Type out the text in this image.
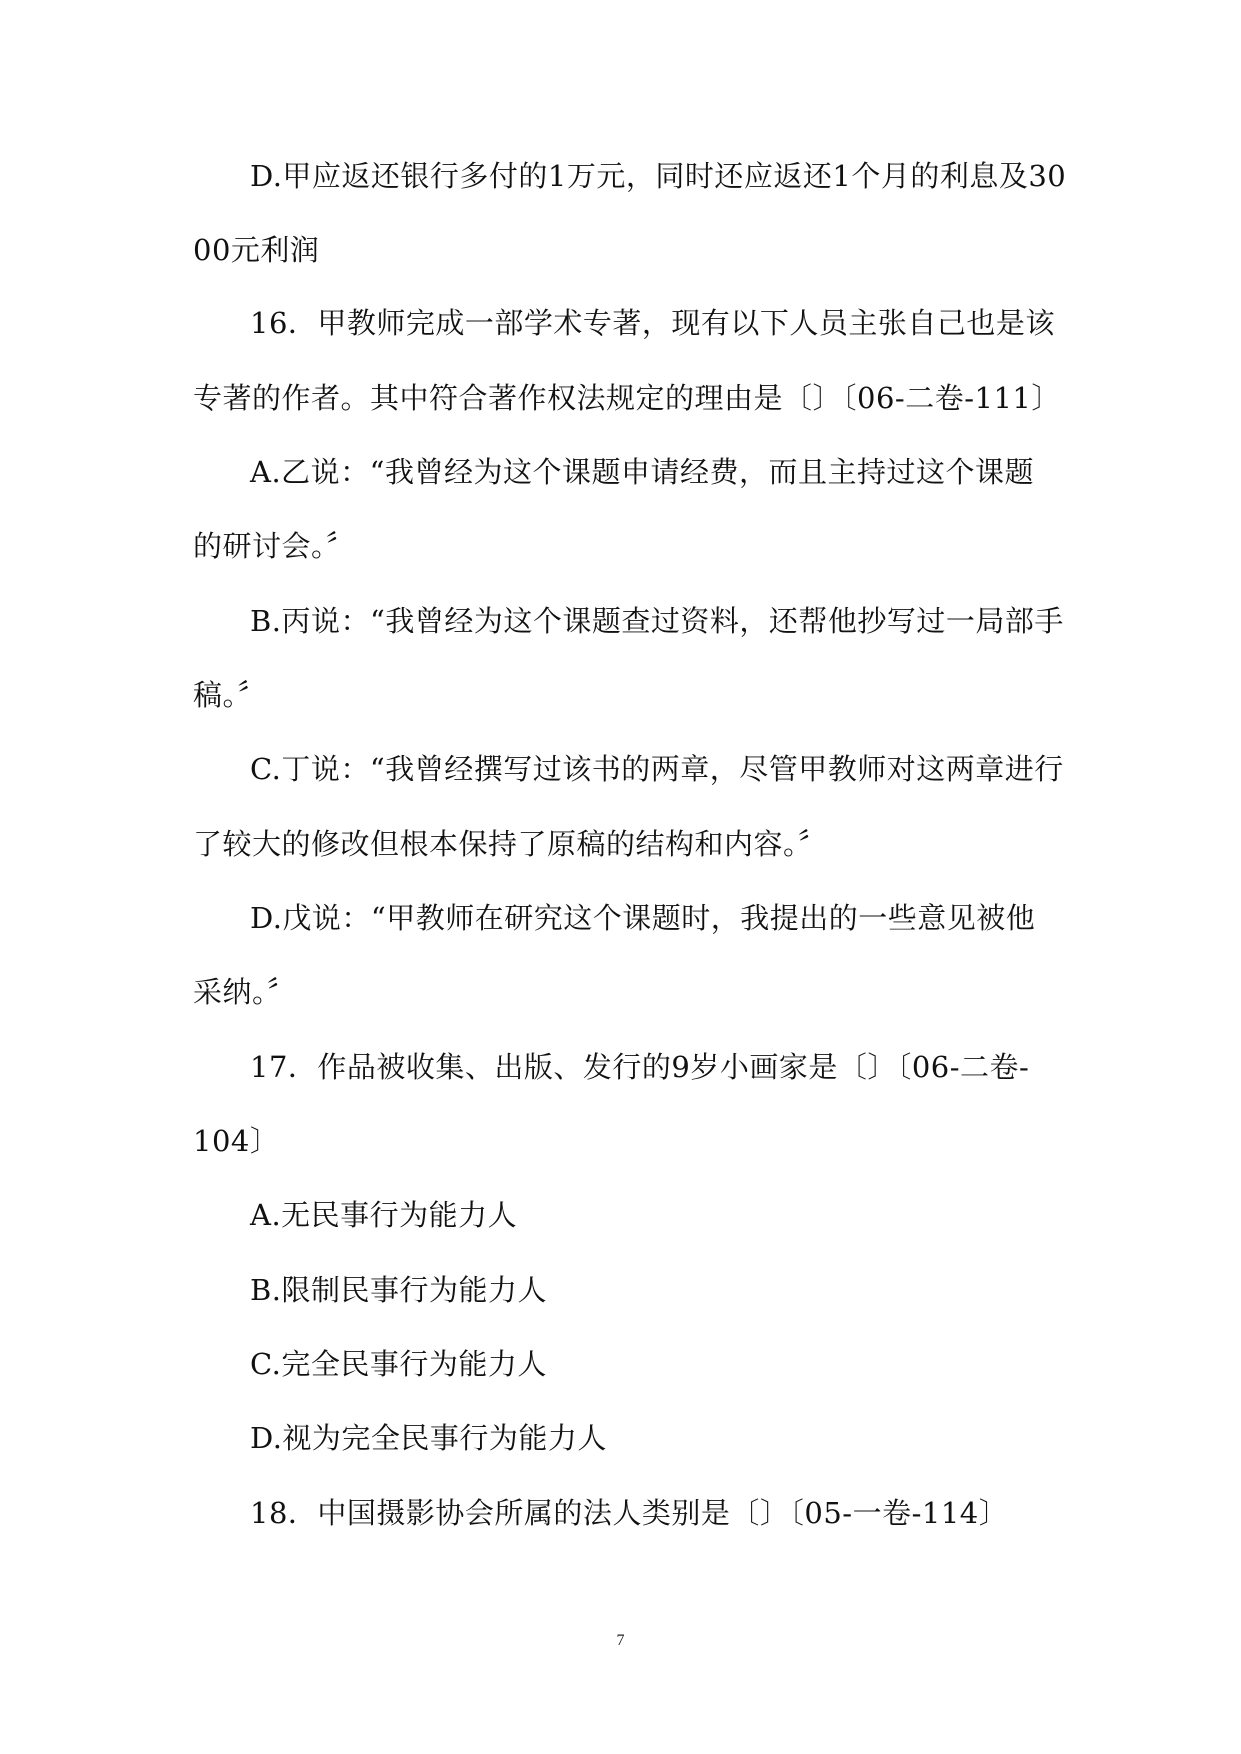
D.甲应返还银行多付的1万元，同时还应返还1个月的利息及30
00元利润
16．甲教师完成一部学术专著，现有以下人员主张自己也是该
专著的作者。其中符合著作权法规定的理由是〔〕〔06-二卷-111〕
A.乙说：“我曾经为这个课题申请经费，而且主持过这个课题
的研讨会。〞
B.丙说：“我曾经为这个课题查过资料，还帮他抄写过一局部手
稿。〞
C.丁说：“我曾经撰写过该书的两章，尽管甲教师对这两章进行
了较大的修改但根本保持了原稿的结构和内容。〞
D.戊说：“甲教师在研究这个课题时，我提出的一些意见被他
采纳。〞
17．作品被收集、出版、发行的9岁小画家是〔〕〔06-二卷-
104〕
A.无民事行为能力人
B.限制民事行为能力人
C.完全民事行为能力人
D.视为完全民事行为能力人
18．中国摄影协会所属的法人类别是〔〕〔05-一卷-114〕
7
